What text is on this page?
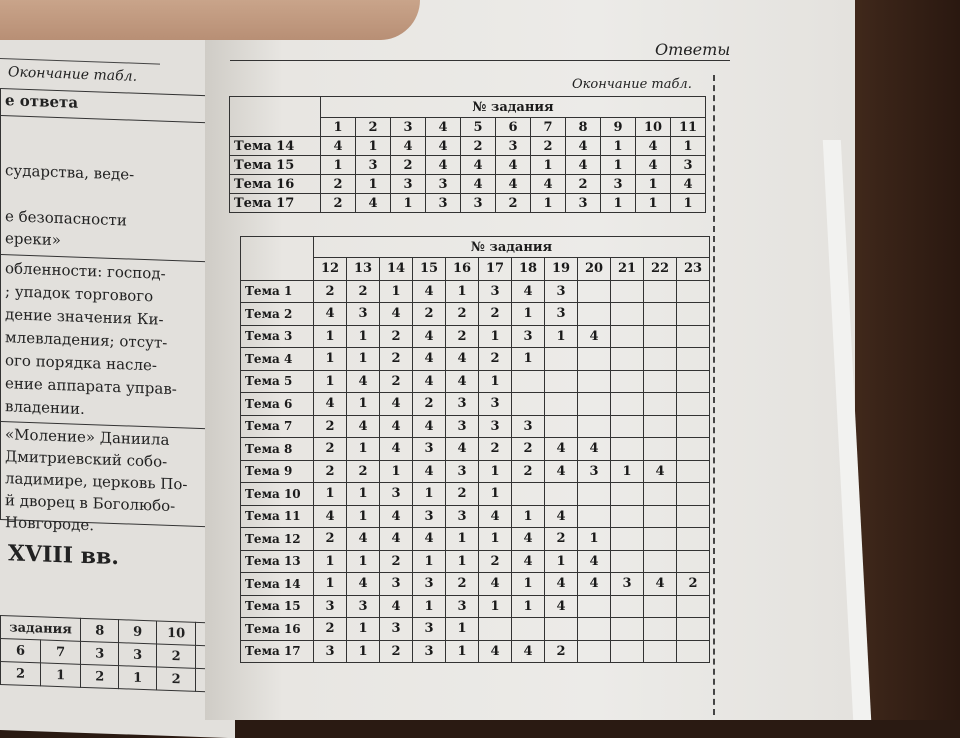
Окончание табл.
е ответа
сударства, веде-
е безопасности
ереки»
обленности: господ-
; упадок торгового
дение значения Ки-
млевладения; отсут-
ого порядка насле-
ение аппарата управ-
владении.
«Моление» Даниила
Дмитриевский собо-
ладимире, церковь По-
й дворец в Боголюбо-
Новгороде.
XVIII вв.
задания		8	9	10	
6	7	3	3	2	
2	1	2	1	2	
Ответы
Окончание табл.
	№ задания										
	1	2	3	4	5	6	7	8	9	10	11
Тема 14	4	1	4	4	2	3	2	4	1	4	1
Тема 15	1	3	2	4	4	4	1	4	1	4	3
Тема 16	2	1	3	3	4	4	4	2	3	1	4
Тема 17	2	4	1	3	3	2	1	3	1	1	1
	№ задания											
	12	13	14	15	16	17	18	19	20	21	22	23
Тема 1	2	2	1	4	1	3	4	3				
Тема 2	4	3	4	2	2	2	1	3				
Тема 3	1	1	2	4	2	1	3	1	4			
Тема 4	1	1	2	4	4	2	1					
Тема 5	1	4	2	4	4	1						
Тема 6	4	1	4	2	3	3						
Тема 7	2	4	4	4	3	3	3					
Тема 8	2	1	4	3	4	2	2	4	4			
Тема 9	2	2	1	4	3	1	2	4	3	1	4	
Тема 10	1	1	3	1	2	1						
Тема 11	4	1	4	3	3	4	1	4				
Тема 12	2	4	4	4	1	1	4	2	1			
Тема 13	1	1	2	1	1	2	4	1	4			
Тема 14	1	4	3	3	2	4	1	4	4	3	4	2
Тема 15	3	3	4	1	3	1	1	4				
Тема 16	2	1	3	3	1							
Тема 17	3	1	2	3	1	4	4	2				
